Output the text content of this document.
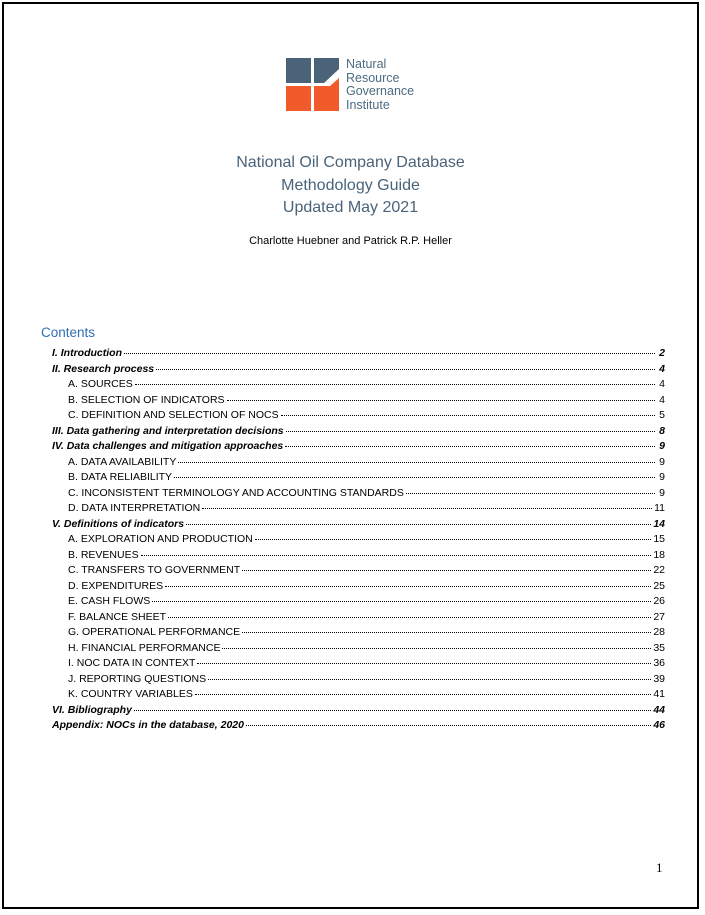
Natural
Resource
Governance
Institute
National Oil Company Database
Methodology Guide
Updated May 2021
Charlotte Huebner and Patrick R.P. Heller
Contents
I. Introduction	2
II. Research process	4
A. SOURCES	4
B. SELECTION OF INDICATORS	4
C. DEFINITION AND SELECTION OF NOCS	5
III. Data gathering and interpretation decisions	8
IV. Data challenges and mitigation approaches	9
A. DATA AVAILABILITY	9
B. DATA RELIABILITY	9
C. INCONSISTENT TERMINOLOGY AND ACCOUNTING STANDARDS	9
D. DATA INTERPRETATION	11
V. Definitions of indicators	14
A. EXPLORATION AND PRODUCTION	15
B. REVENUES	18
C. TRANSFERS TO GOVERNMENT	22
D. EXPENDITURES	25
E. CASH FLOWS	26
F. BALANCE SHEET	27
G. OPERATIONAL PERFORMANCE	28
H. FINANCIAL PERFORMANCE	35
I. NOC DATA IN CONTEXT	36
J. REPORTING QUESTIONS	39
K. COUNTRY VARIABLES	41
VI. Bibliography	44
Appendix: NOCs in the database, 2020	46
1
